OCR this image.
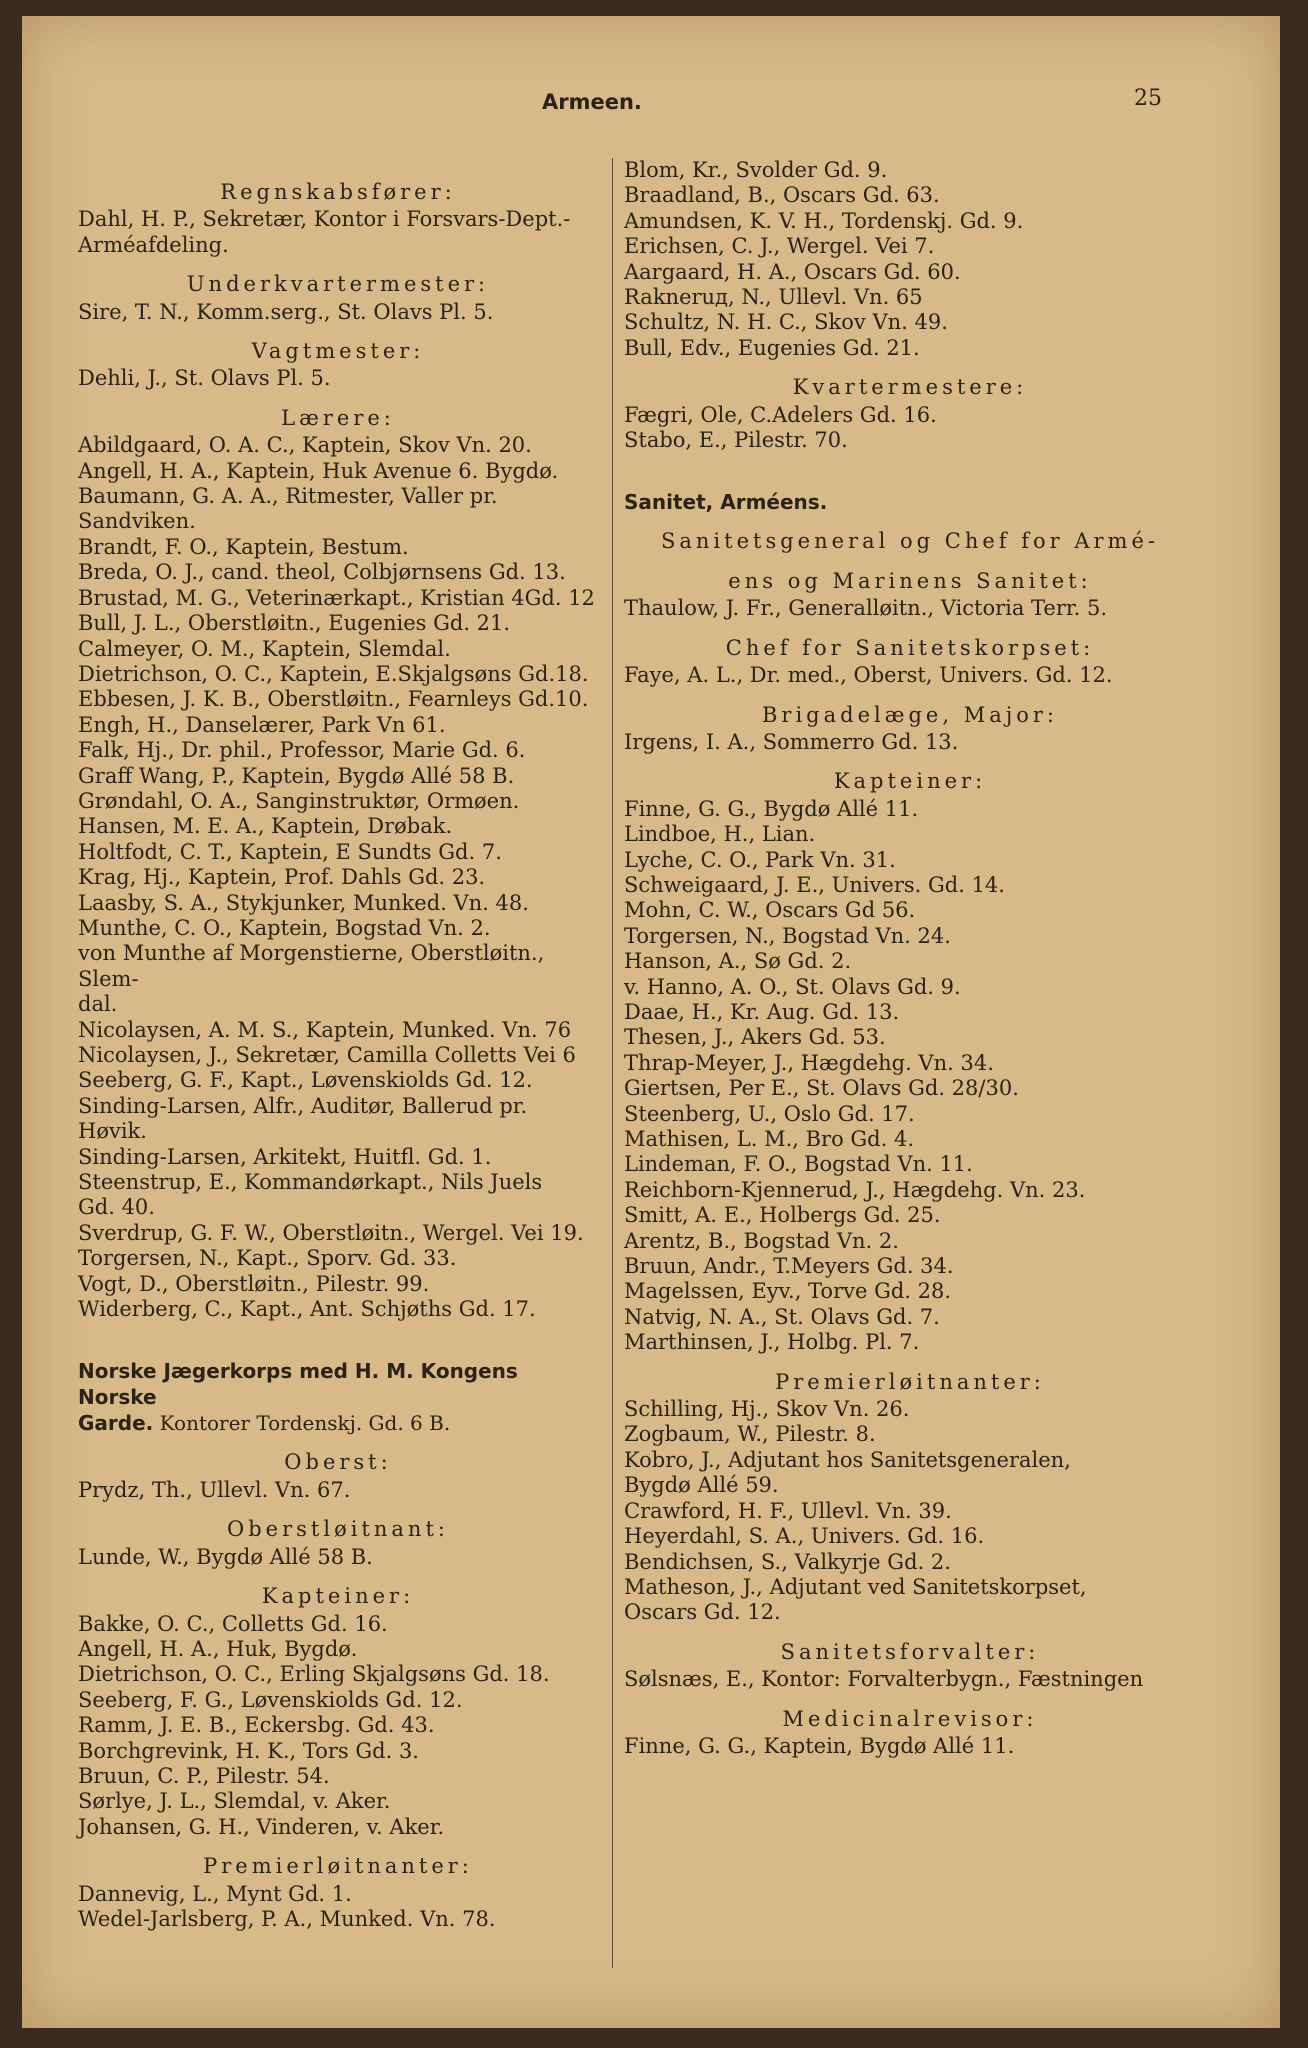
Armeen.	25
Regnskabsfører:
Dahl, H. P., Sekretær, Kontor i Forsvars-Dept.-
Arméafdeling.
Underkvartermester:
Sire, T. N., Komm.serg., St. Olavs Pl. 5.
Vagtmester:
Dehli, J., St. Olavs Pl. 5.
Lærere:
Abildgaard, O. A. C., Kaptein, Skov Vn. 20.
Angell, H. A., Kaptein, Huk Avenue 6. Bygdø.
Baumann, G. A. A., Ritmester, Valler pr.
Sandviken.
Brandt, F. O., Kaptein, Bestum.
Breda, O. J., cand. theol, Colbjørnsens Gd. 13.
Brustad, M. G., Veterinærkapt., Kristian 4Gd. 12
Bull, J. L., Oberstløitn., Eugenies Gd. 21.
Calmeyer, O. M., Kaptein, Slemdal.
Dietrichson, O. C., Kaptein, E.Skjalgsøns Gd.18.
Ebbesen, J. K. B., Oberstløitn., Fearnleys Gd.10.
Engh, H., Danselærer, Park Vn 61.
Falk, Hj., Dr. phil., Professor, Marie Gd. 6.
Graff Wang, P., Kaptein, Bygdø Allé 58 B.
Grøndahl, O. A., Sanginstruktør, Ormøen.
Hansen, M. E. A., Kaptein, Drøbak.
Holtfodt, C. T., Kaptein, E Sundts Gd. 7.
Krag, Hj., Kaptein, Prof. Dahls Gd. 23.
Laasby, S. A., Stykjunker, Munked. Vn. 48.
Munthe, C. O., Kaptein, Bogstad Vn. 2.
von Munthe af Morgenstierne, Oberstløitn., Slem-
dal.
Nicolaysen, A. M. S., Kaptein, Munked. Vn. 76
Nicolaysen, J., Sekretær, Camilla Colletts Vei 6
Seeberg, G. F., Kapt., Løvenskiolds Gd. 12.
Sinding-Larsen, Alfr., Auditør, Ballerud pr.
Høvik.
Sinding-Larsen, Arkitekt, Huitfl. Gd. 1.
Steenstrup, E., Kommandørkapt., Nils Juels
Gd. 40.
Sverdrup, G. F. W., Oberstløitn., Wergel. Vei 19.
Torgersen, N., Kapt., Sporv. Gd. 33.
Vogt, D., Oberstløitn., Pilestr. 99.
Widerberg, C., Kapt., Ant. Schjøths Gd. 17.
Norske Jægerkorps med H. M. Kongens Norske
Garde. Kontorer Tordenskj. Gd. 6 B.
Oberst:
Prydz, Th., Ullevl. Vn. 67.
Oberstløitnant:
Lunde, W., Bygdø Allé 58 B.
Kapteiner:
Bakke, O. C., Colletts Gd. 16.
Angell, H. A., Huk, Bygdø.
Dietrichson, O. C., Erling Skjalgsøns Gd. 18.
Seeberg, F. G., Løvenskiolds Gd. 12.
Ramm, J. E. B., Eckersbg. Gd. 43.
Borchgrevink, H. K., Tors Gd. 3.
Bruun, C. P., Pilestr. 54.
Sørlye, J. L., Slemdal, v. Aker.
Johansen, G. H., Vinderen, v. Aker.
Premierløitnanter:
Dannevig, L., Mynt Gd. 1.
Wedel-Jarlsberg, P. A., Munked. Vn. 78.
Blom, Kr., Svolder Gd. 9.
Braadland, B., Oscars Gd. 63.
Amundsen, K. V. H., Tordenskj. Gd. 9.
Erichsen, C. J., Wergel. Vei 7.
Aargaard, H. A., Oscars Gd. 60.
Rakneruд, N., Ullevl. Vn. 65
Schultz, N. H. C., Skov Vn. 49.
Bull, Edv., Eugenies Gd. 21.
Kvartermestere:
Fægri, Ole, C.Adelers Gd. 16.
Stabo, E., Pilestr. 70.
Sanitet, Arméens.
Sanitetsgeneral og Chef for Armé-
ens og Marinens Sanitet:
Thaulow, J. Fr., Generalløitn., Victoria Terr. 5.
Chef for Sanitetskorpset:
Faye, A. L., Dr. med., Oberst, Univers. Gd. 12.
Brigadelæge, Major:
Irgens, I. A., Sommerro Gd. 13.
Kapteiner:
Finne, G. G., Bygdø Allé 11.
Lindboe, H., Lian.
Lyche, C. O., Park Vn. 31.
Schweigaard, J. E., Univers. Gd. 14.
Mohn, C. W., Oscars Gd 56.
Torgersen, N., Bogstad Vn. 24.
Hanson, A., Sø Gd. 2.
v. Hanno, A. O., St. Olavs Gd. 9.
Daae, H., Kr. Aug. Gd. 13.
Thesen, J., Akers Gd. 53.
Thrap-Meyer, J., Hægdehg. Vn. 34.
Giertsen, Per E., St. Olavs Gd. 28/30.
Steenberg, U., Oslo Gd. 17.
Mathisen, L. M., Bro Gd. 4.
Lindeman, F. O., Bogstad Vn. 11.
Reichborn-Kjennerud, J., Hægdehg. Vn. 23.
Smitt, A. E., Holbergs Gd. 25.
Arentz, B., Bogstad Vn. 2.
Bruun, Andr., T.Meyers Gd. 34.
Magelssen, Eyv., Torve Gd. 28.
Natvig, N. A., St. Olavs Gd. 7.
Marthinsen, J., Holbg. Pl. 7.
Premierløitnanter:
Schilling, Hj., Skov Vn. 26.
Zogbaum, W., Pilestr. 8.
Kobro, J., Adjutant hos Sanitetsgeneralen,
Bygdø Allé 59.
Crawford, H. F., Ullevl. Vn. 39.
Heyerdahl, S. A., Univers. Gd. 16.
Bendichsen, S., Valkyrje Gd. 2.
Matheson, J., Adjutant ved Sanitetskorpset,
Oscars Gd. 12.
Sanitetsforvalter:
Sølsnæs, E., Kontor: Forvalterbygn., Fæstningen
Medicinalrevisor:
Finne, G. G., Kaptein, Bygdø Allé 11.
